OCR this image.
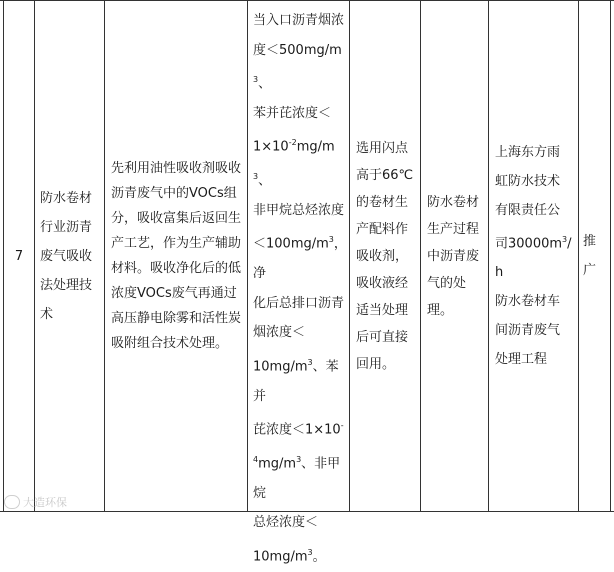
7
防水卷材行业沥青废气吸收法处理技术
先利用油性吸收剂吸收沥青废气中的VOCs组分，吸收富集后返回生产工艺，作为生产辅助材料。吸收净化后的低浓度VOCs废气再通过高压静电除雾和活性炭吸附组合技术处理。
当入口沥青烟浓
度$<500mg/m^3$、
苯并芘浓度＜
$1\times 10^{-2}mg/m^3$、
非甲烷总烃浓度
$<100mg/m^3$，净
化后总排口沥青
烟浓度＜
$10mg/m^3$、苯并
芘浓度＜1×10-
$^4mg/m^3$、非甲烷
总烃浓度＜
$10mg/m^3$。
选用闪点高于66℃的卷材生产配料作吸收剂，吸收液经适当处理后可直接回用。
防水卷材生产过程中沥青废气的处理。
上海东方雨
虹防水技术
有限责任公
司$30000m^3/h$
防水卷材车
间沥青废气
处理工程
推广
大造环保
